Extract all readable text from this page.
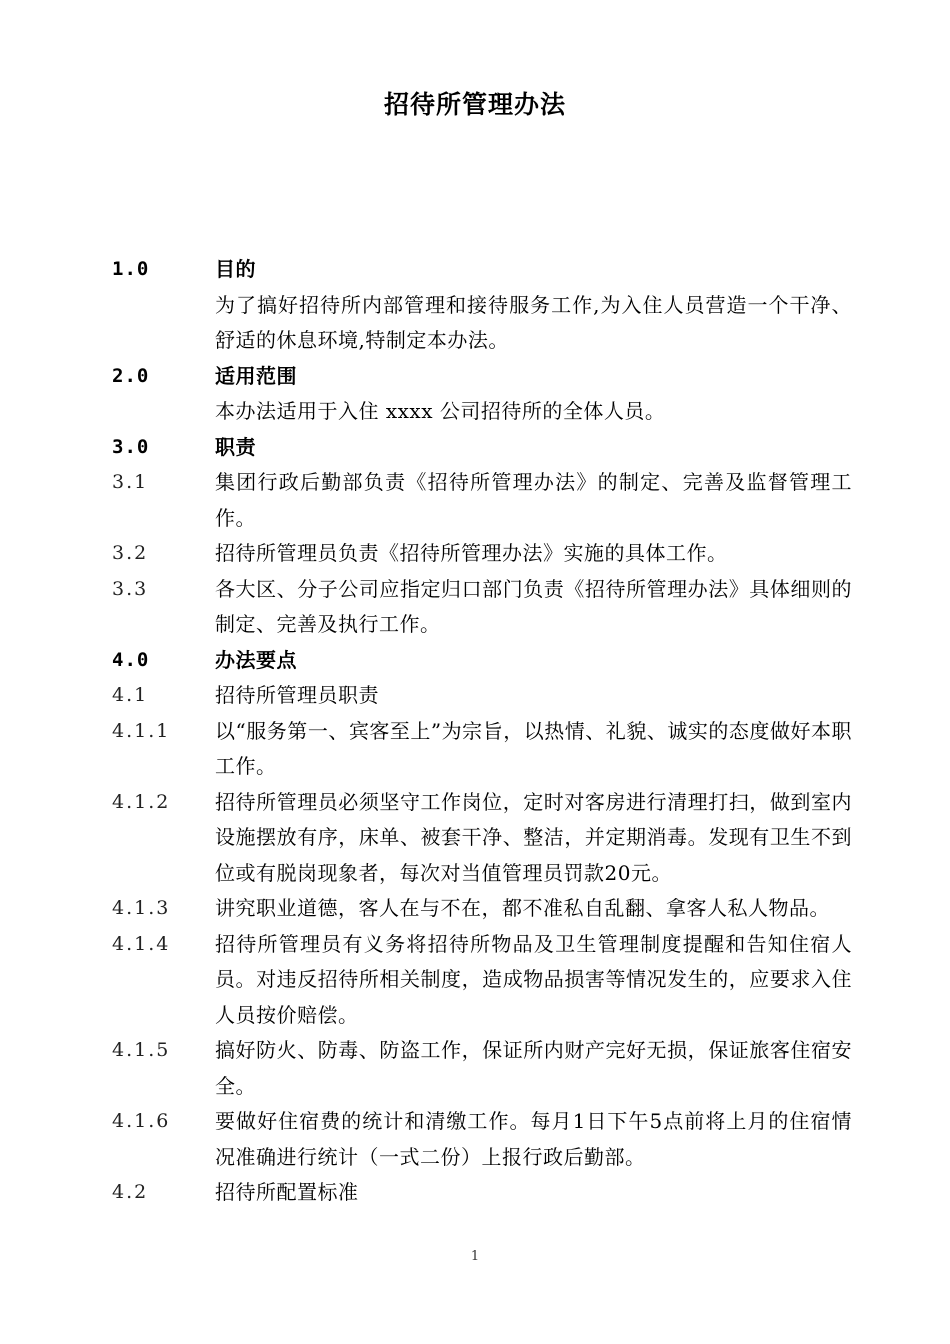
招待所管理办法
1.0	目的
为了搞好招待所内部管理和接待服务工作,为入住人员营造一个干净、舒适的休息环境,特制定本办法。
2.0	适用范围
本办法适用于入住 xxxx 公司招待所的全体人员。
3.0	职责
3.1	集团行政后勤部负责《招待所管理办法》的制定、完善及监督管理工作。
3.2	招待所管理员负责《招待所管理办法》实施的具体工作。
3.3	各大区、分子公司应指定归口部门负责《招待所管理办法》具体细则的制定、完善及执行工作。
4.0	办法要点
4.1	招待所管理员职责
4.1.1	以“服务第一、宾客至上”为宗旨，以热情、礼貌、诚实的态度做好本职工作。
4.1.2	招待所管理员必须坚守工作岗位，定时对客房进行清理打扫，做到室内设施摆放有序，床单、被套干净、整洁，并定期消毒。发现有卫生不到位或有脱岗现象者，每次对当值管理员罚款20元。
4.1.3	讲究职业道德，客人在与不在，都不准私自乱翻、拿客人私人物品。
4.1.4	招待所管理员有义务将招待所物品及卫生管理制度提醒和告知住宿人员。对违反招待所相关制度，造成物品损害等情况发生的，应要求入住人员按价赔偿。
4.1.5	搞好防火、防毒、防盗工作，保证所内财产完好无损，保证旅客住宿安全。
4.1.6	要做好住宿费的统计和清缴工作。每月1日下午5点前将上月的住宿情况准确进行统计（一式二份）上报行政后勤部。
4.2	招待所配置标准
1
